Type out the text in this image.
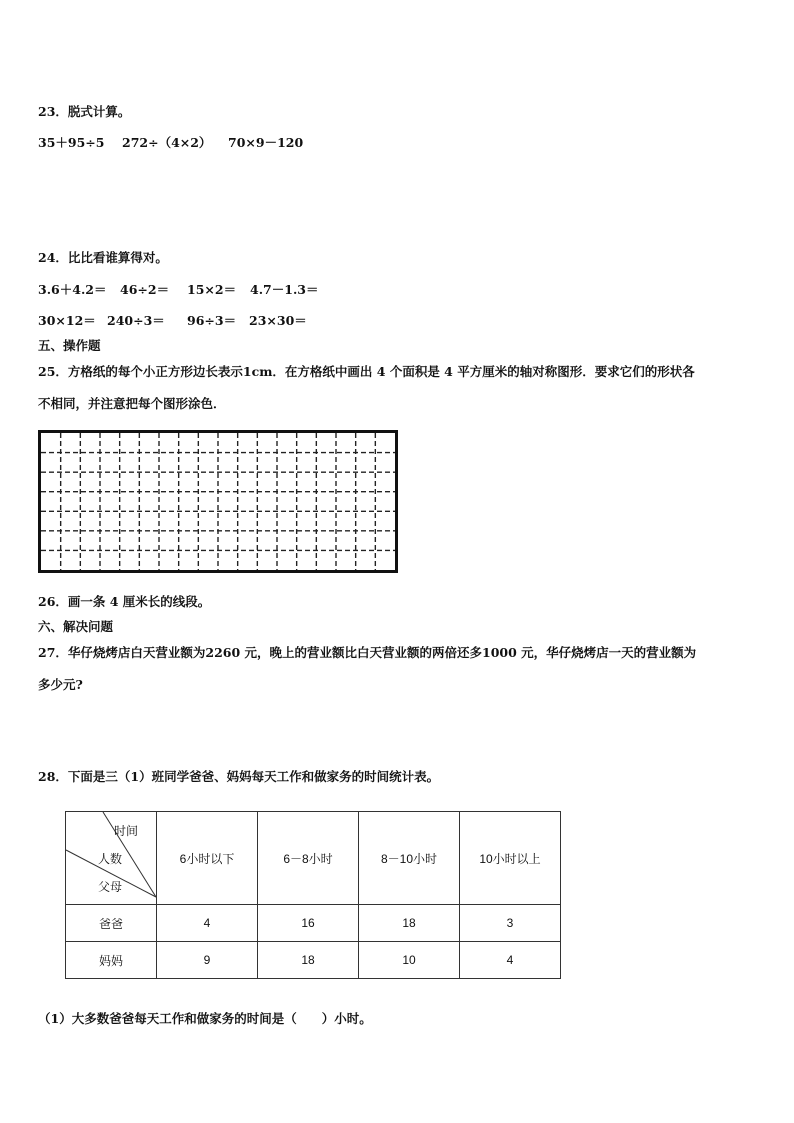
23．脱式计算。
35＋95÷5	272÷（4×2）	70×9－120
24．比比看谁算得对。
3.6＋4.2＝	46÷2＝	15×2＝	4.7－1.3＝
30×12＝ 240÷3＝	96÷3＝	23×30＝
五、操作题
25．方格纸的每个小正方形边长表示1cm．在方格纸中画出 4 个面积是 4 平方厘米的轴对称图形．要求它们的形状各
不相同，并注意把每个图形涂色．
26．画一条 4 厘米长的线段。
六、解决问题
27．华仔烧烤店白天营业额为2260 元，晚上的营业额比白天营业额的两倍还多1000 元，华仔烧烤店一天的营业额为
多少元?
28．下面是三（1）班同学爸爸、妈妈每天工作和做家务的时间统计表。
时间
人数
父母	6小时以下	6－8小时	8－10小时	10小时以上
爸爸	4	16	18	3
妈妈	9	18	10	4
（1）大多数爸爸每天工作和做家务的时间是（　　）小时。
